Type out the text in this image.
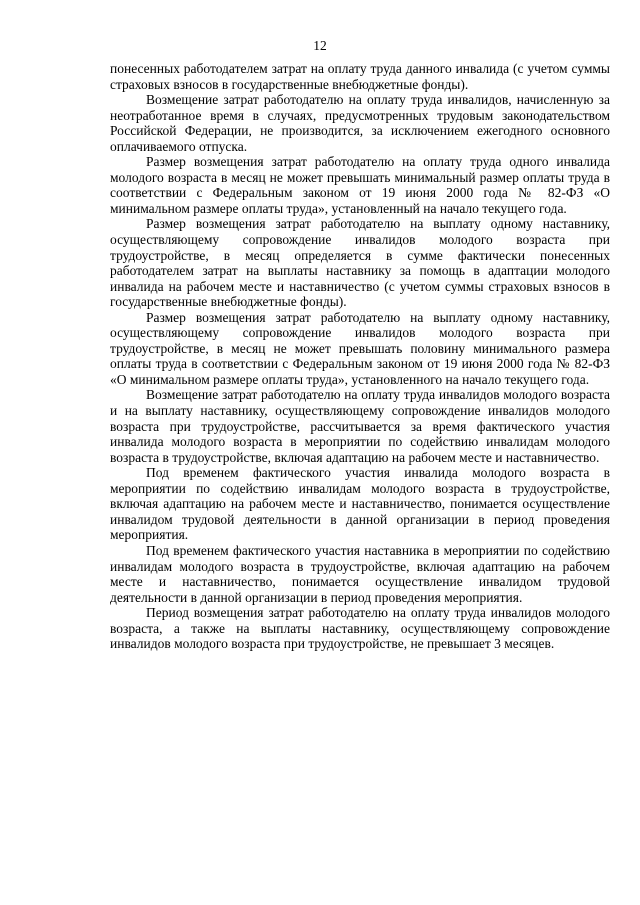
12

понесенных работодателем затрат на оплату труда данного инвалида (с учетом суммы страховых взносов в государственные внебюджетные фонды).

Возмещение затрат работодателю на оплату труда инвалидов, начисленную за неотработанное время в случаях, предусмотренных трудовым законодательством Российской Федерации, не производится, за исключением ежегодного основного оплачиваемого отпуска.

Размер возмещения затрат работодателю на оплату труда одного инвалида молодого возраста в месяц не может превышать минимальный размер оплаты труда в соответствии с Федеральным законом от 19 июня 2000 года № 82-ФЗ «О минимальном размере оплаты труда», установленный на начало текущего года.

Размер возмещения затрат работодателю на выплату одному наставнику, осуществляющему сопровождение инвалидов молодого возраста при трудоустройстве, в месяц определяется в сумме фактически понесенных работодателем затрат на выплаты наставнику за помощь в адаптации молодого инвалида на рабочем месте и наставничество (с учетом суммы страховых взносов в государственные внебюджетные фонды).

Размер возмещения затрат работодателю на выплату одному наставнику, осуществляющему сопровождение инвалидов молодого возраста при трудоустройстве, в месяц не может превышать половину минимального размера оплаты труда в соответствии с Федеральным законом от 19 июня 2000 года № 82-ФЗ «О минимальном размере оплаты труда», установленного на начало текущего года.

Возмещение затрат работодателю на оплату труда инвалидов молодого возраста и на выплату наставнику, осуществляющему сопровождение инвалидов молодого возраста при трудоустройстве, рассчитывается за время фактического участия инвалида молодого возраста в мероприятии по содействию инвалидам молодого возраста в трудоустройстве, включая адаптацию на рабочем месте и наставничество.

Под временем фактического участия инвалида молодого возраста в мероприятии по содействию инвалидам молодого возраста в трудоустройстве, включая адаптацию на рабочем месте и наставничество, понимается осуществление инвалидом трудовой деятельности в данной организации в период проведения мероприятия.

Под временем фактического участия наставника в мероприятии по содействию инвалидам молодого возраста в трудоустройстве, включая адаптацию на рабочем месте и наставничество, понимается осуществление инвалидом трудовой деятельности в данной организации в период проведения мероприятия.

Период возмещения затрат работодателю на оплату труда инвалидов молодого возраста, а также на выплаты наставнику, осуществляющему сопровождение инвалидов молодого возраста при трудоустройстве, не превышает 3 месяцев.
